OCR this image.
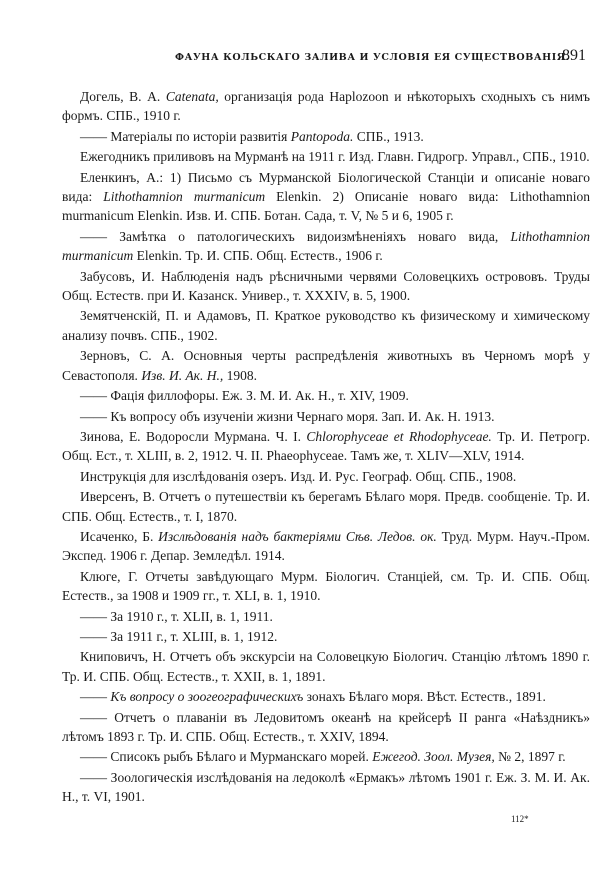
ФАУНА КОЛЬСКАГО ЗАЛИВА И УСЛОВІЯ ЕЯ СУЩЕСТВОВАНІЯ.
891

Догель, В. А. Catenata, организація рода Haplozoon и нѣкоторыхъ сходныхъ съ нимъ формъ. СПБ., 1910 г.

—— Матеріалы по исторіи развитія Pantopoda. СПБ., 1913.

Ежегодникъ приливовъ на Мурманѣ на 1911 г. Изд. Главн. Гидрогр. Управл., СПБ., 1910.

Еленкинъ, А.: 1) Письмо съ Мурманской Біологической Станціи и описаніе новаго вида: Lithothamnion murmanicum Elenkin. 2) Описаніе новаго вида: Lithothamnion murmanicum Elenkin. Изв. И. СПБ. Ботан. Сада, т. V, № 5 и 6, 1905 г.

—— Замѣтка о патологическихъ видоизмѣненіяхъ новаго вида, Lithothamnion murmanicum Elenkin. Тр. И. СПБ. Общ. Естеств., 1906 г.

Забусовъ, И. Наблюденія надъ рѣсничными червями Соловецкихъ острововъ. Труды Общ. Естеств. при И. Казанск. Универ., т. XXXIV, в. 5, 1900.

Земятченскій, П. и Адамовъ, П. Краткое руководство къ физическому и химическому анализу почвъ. СПБ., 1902.

Зерновъ, С. А. Основныя черты распредѣленія животныхъ въ Черномъ морѣ у Севастополя. Изв. И. Ак. Н., 1908.

—— Фація филлофоры. Еж. З. М. И. Ак. Н., т. XIV, 1909.

—— Къ вопросу объ изученіи жизни Чернаго моря. Зап. И. Ак. Н. 1913.

Зинова, Е. Водоросли Мурмана. Ч. I. Chlorophyceae et Rhodophyceae. Тр. И. Петрогр. Общ. Ест., т. XLIII, в. 2, 1912. Ч. II. Phaeophyceae. Тамъ же, т. XLIV—XLV, 1914.

Инструкція для изслѣдованія озеръ. Изд. И. Рус. Географ. Общ. СПБ., 1908.

Иверсенъ, В. Отчетъ о путешествіи къ берегамъ Бѣлаго моря. Предв. сообщеніе. Тр. И. СПБ. Общ. Естеств., т. I, 1870.

Исаченко, Б. Изслѣдованія надъ бактеріями Сѣв. Ледов. ок. Труд. Мурм. Науч.-Пром. Экспед. 1906 г. Депар. Земледѣл. 1914.

Клюге, Г. Отчеты завѣдующаго Мурм. Біологич. Станціей, см. Тр. И. СПБ. Общ. Естеств., за 1908 и 1909 гг., т. XLI, в. 1, 1910.

—— За 1910 г., т. XLII, в. 1, 1911.

—— За 1911 г., т. XLIII, в. 1, 1912.

Книповичъ, Н. Отчетъ объ экскурсіи на Соловецкую Біологич. Станцію лѣтомъ 1890 г. Тр. И. СПБ. Общ. Естеств., т. XXII, в. 1, 1891.

—— Къ вопросу о зоогеографическихъ зонахъ Бѣлаго моря. Вѣст. Естеств., 1891.

—— Отчетъ о плаваніи въ Ледовитомъ океанѣ на крейсерѣ II ранга «Наѣздникъ» лѣтомъ 1893 г. Тр. И. СПБ. Общ. Естеств., т. XXIV, 1894.

—— Списокъ рыбъ Бѣлаго и Мурманскаго морей. Ежегод. Зоол. Музея, № 2, 1897 г.

—— Зоологическія изслѣдованія на ледоколѣ «Ермакъ» лѣтомъ 1901 г. Еж. З. М. И. Ак. Н., т. VI, 1901.

112*
